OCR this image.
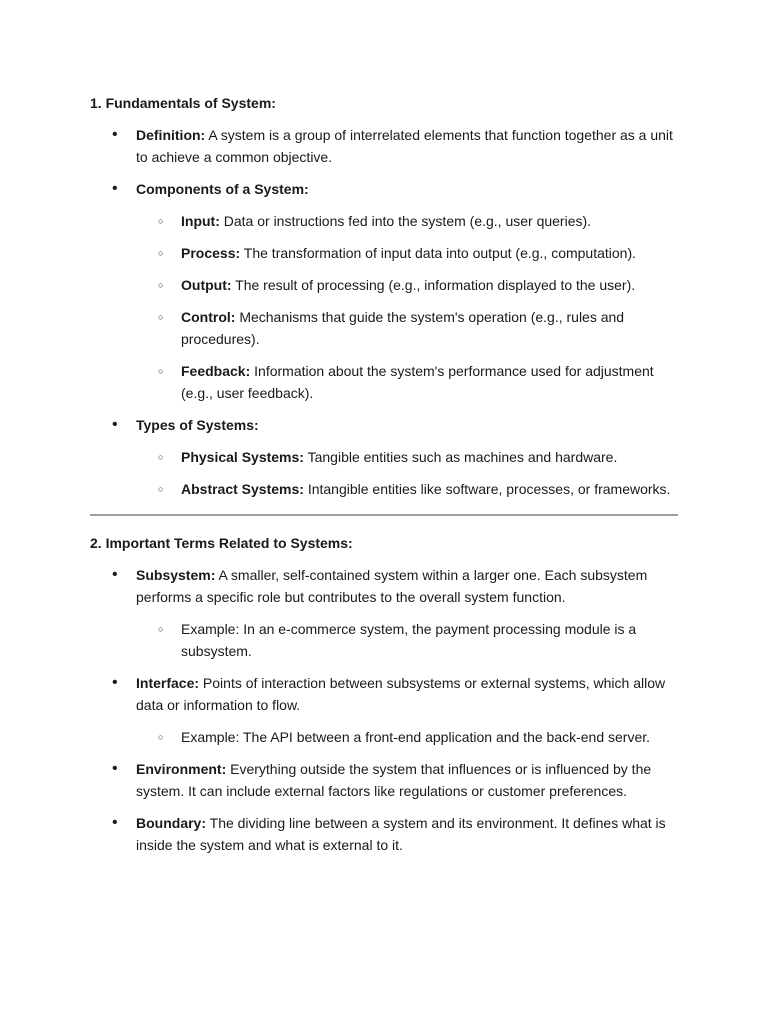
1. Fundamentals of System:
• Definition: A system is a group of interrelated elements that function together as a unit to achieve a common objective.
• Components of a System:
○ Input: Data or instructions fed into the system (e.g., user queries).
○ Process: The transformation of input data into output (e.g., computation).
○ Output: The result of processing (e.g., information displayed to the user).
○ Control: Mechanisms that guide the system's operation (e.g., rules and procedures).
○ Feedback: Information about the system's performance used for adjustment (e.g., user feedback).
• Types of Systems:
○ Physical Systems: Tangible entities such as machines and hardware.
○ Abstract Systems: Intangible entities like software, processes, or frameworks.
2. Important Terms Related to Systems:
• Subsystem: A smaller, self-contained system within a larger one. Each subsystem performs a specific role but contributes to the overall system function.
○ Example: In an e-commerce system, the payment processing module is a subsystem.
• Interface: Points of interaction between subsystems or external systems, which allow data or information to flow.
○ Example: The API between a front-end application and the back-end server.
• Environment: Everything outside the system that influences or is influenced by the system. It can include external factors like regulations or customer preferences.
• Boundary: The dividing line between a system and its environment. It defines what is inside the system and what is external to it.
